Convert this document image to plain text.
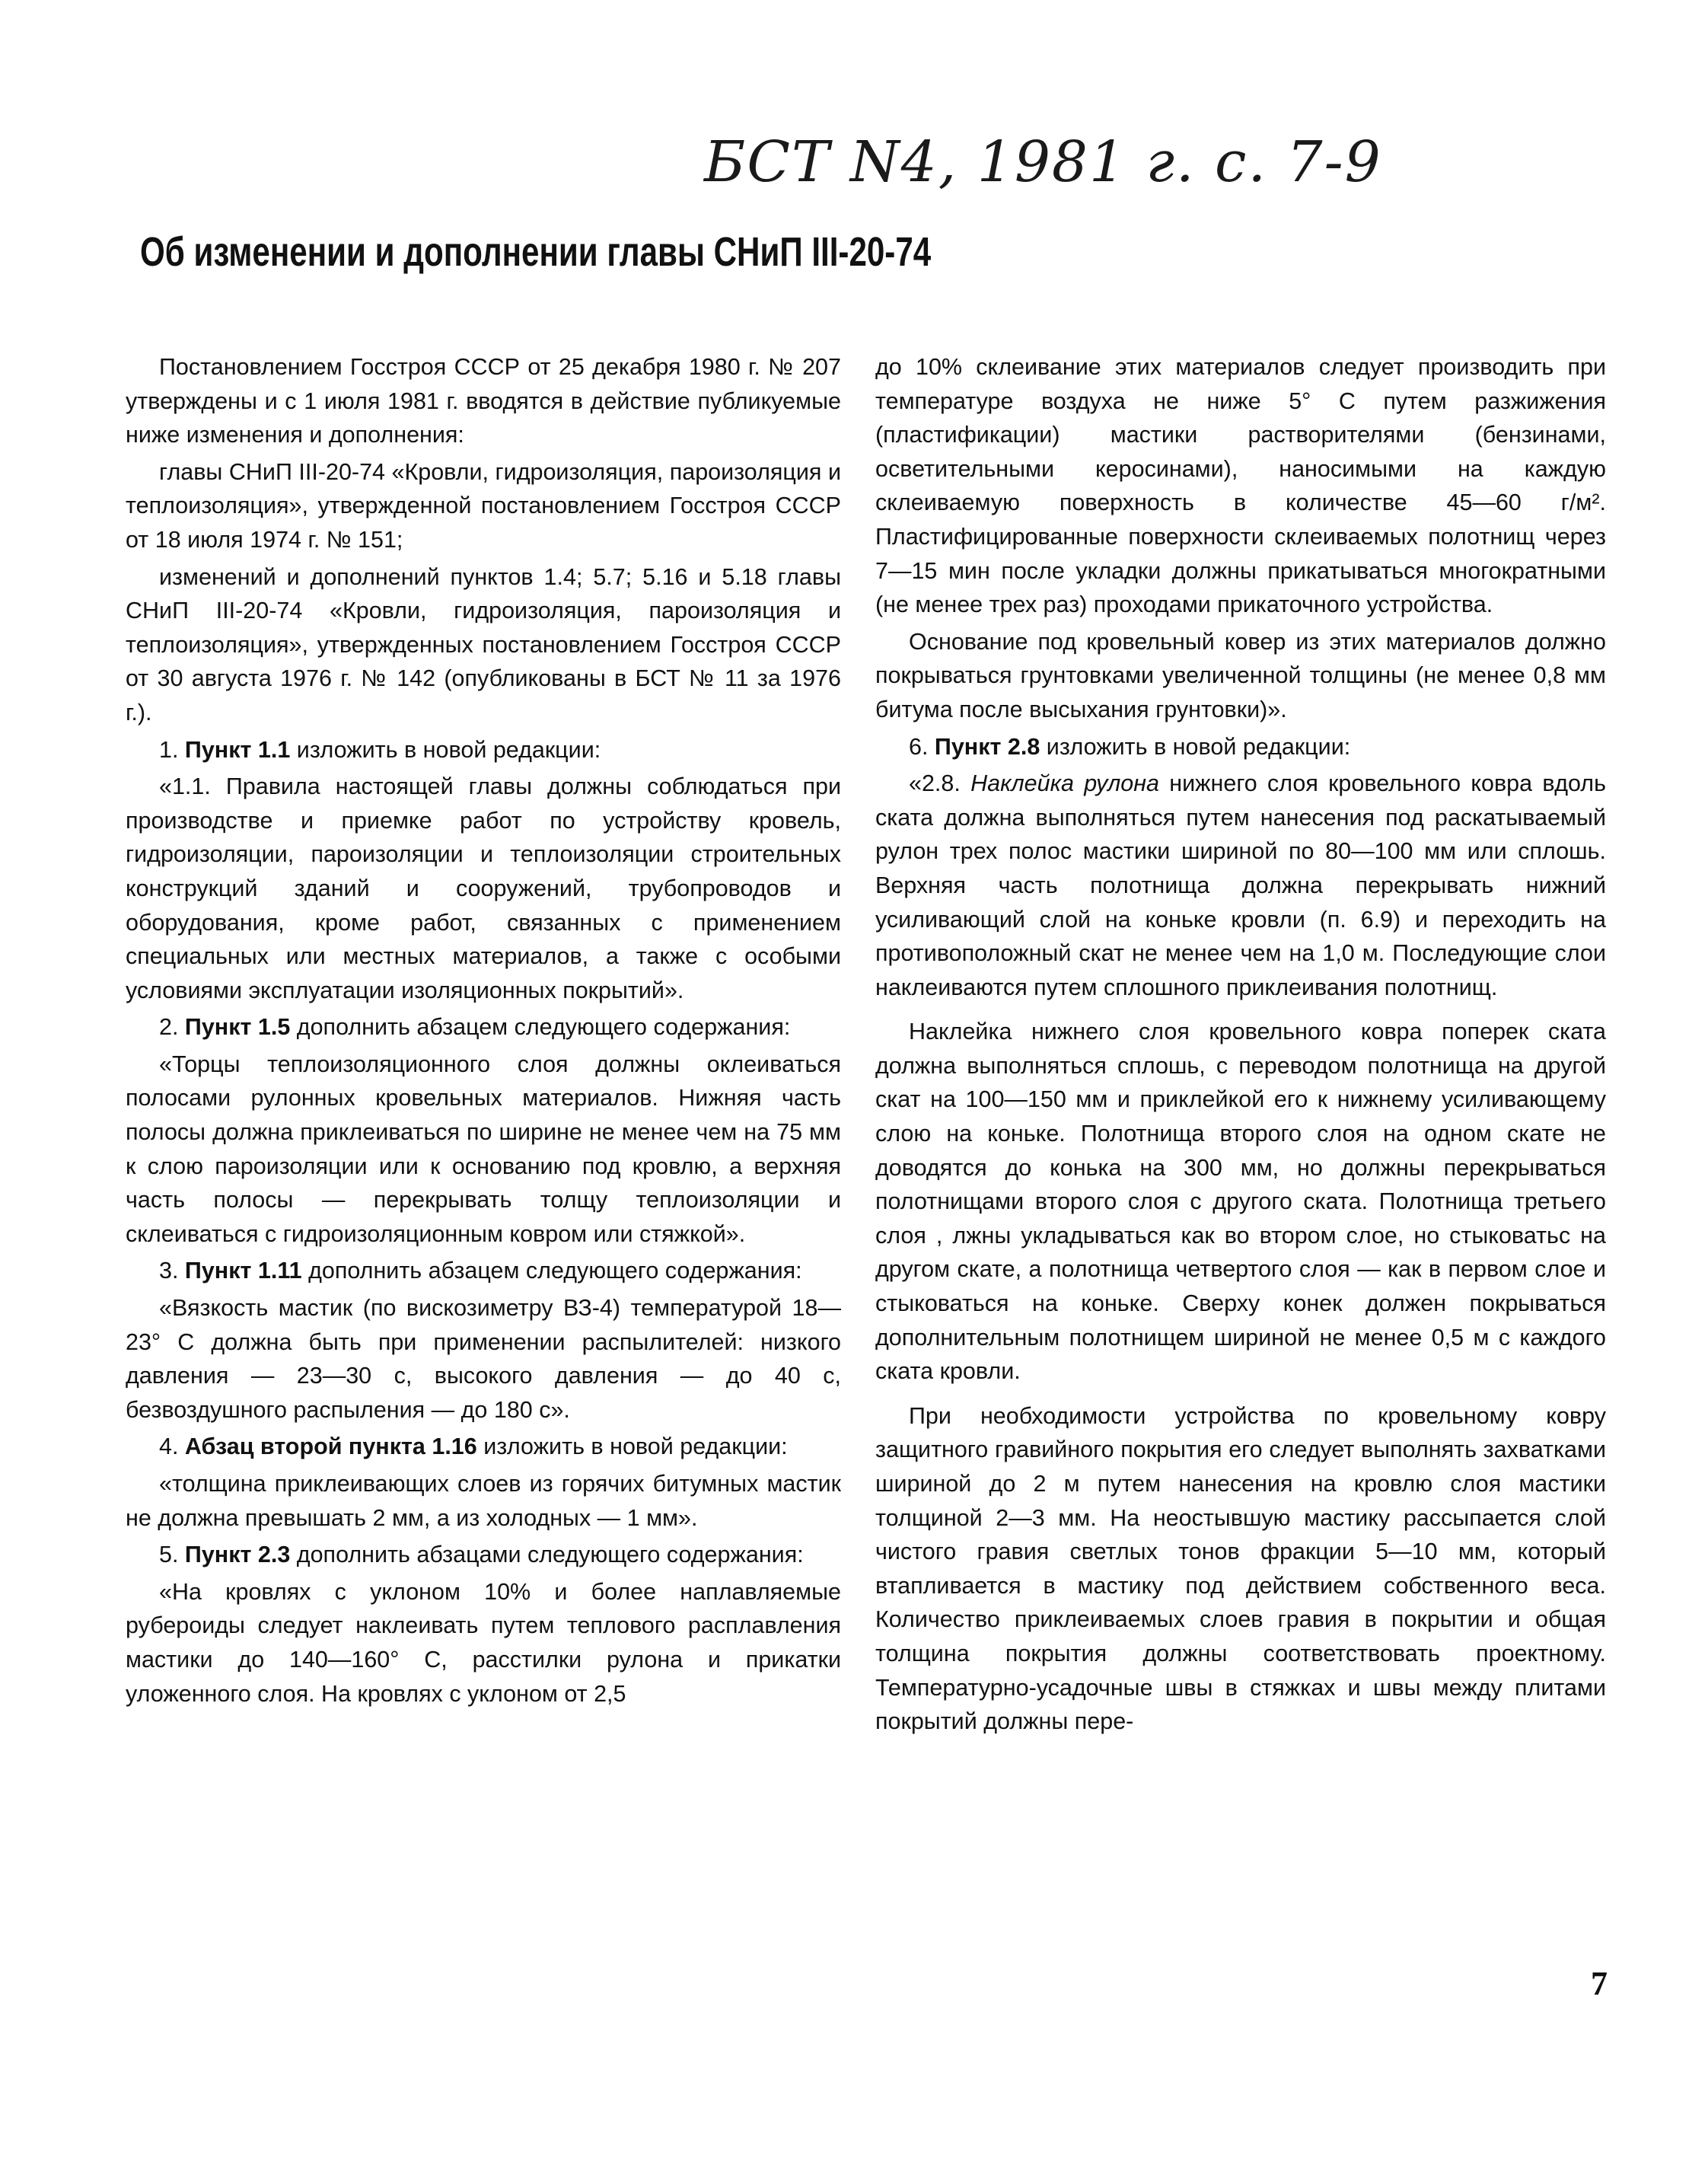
БСТ N4, 1981 г. с. 7-9
Об изменении и дополнении главы СНиП III-20-74

Постановлением Госстроя СССР от 25 декабря 1980 г. № 207 утверждены и с 1 июля 1981 г. вводятся в действие публикуемые ниже изменения и дополнения:

главы СНиП III-20-74 «Кровли, гидроизоляция, пароизоляция и теплоизоляция», утвержденной постановлением Госстроя СССР от 18 июля 1974 г. № 151;

изменений и дополнений пунктов 1.4; 5.7; 5.16 и 5.18 главы СНиП III-20-74 «Кровли, гидроизоляция, пароизоляция и теплоизоляция», утвержденных постановлением Госстроя СССР от 30 августа 1976 г. № 142 (опубликованы в БСТ № 11 за 1976 г.).

1. Пункт 1.1 изложить в новой редакции:

«1.1. Правила настоящей главы должны соблюдаться при производстве и приемке работ по устройству кровель, гидроизоляции, пароизоляции и теплоизоляции строительных конструкций зданий и сооружений, трубопроводов и оборудования, кроме работ, связанных с применением специальных или местных материалов, а также с особыми условиями эксплуатации изоляционных покрытий».

2. Пункт 1.5 дополнить абзацем следующего содержания:

«Торцы теплоизоляционного слоя должны оклеиваться полосами рулонных кровельных материалов. Нижняя часть полосы должна приклеиваться по ширине не менее чем на 75 мм к слою пароизоляции или к основанию под кровлю, а верхняя часть полосы — перекрывать толщу теплоизоляции и склеиваться с гидроизоляционным ковром или стяжкой».

3. Пункт 1.11 дополнить абзацем следующего содержания:

«Вязкость мастик (по вискозиметру ВЗ-4) температурой 18—23° С должна быть при применении распылителей: низкого давления — 23—30 с, высокого давления — до 40 с, безвоздушного распыления — до 180 с».

4. Абзац второй пункта 1.16 изложить в новой редакции:

«толщина приклеивающих слоев из горячих битумных мастик не должна превышать 2 мм, а из холодных — 1 мм».

5. Пункт 2.3 дополнить абзацами следующего содержания:

«На кровлях с уклоном 10% и более наплавляемые рубероиды следует наклеивать путем теплового расплавления мастики до 140—160° С, расстилки рулона и прикатки уложенного слоя. На кровлях с уклоном от 2,5

до 10% склеивание этих материалов следует производить при температуре воздуха не ниже 5° С путем разжижения (пластификации) мастики растворителями (бензинами, осветительными керосинами), наносимыми на каждую склеиваемую поверхность в количестве 45—60 г/м². Пластифицированные поверхности склеиваемых полотнищ через 7—15 мин после укладки должны прикатываться многократными (не менее трех раз) проходами прикаточного устройства.

Основание под кровельный ковер из этих материалов должно покрываться грунтовками увеличенной толщины (не менее 0,8 мм битума после высыхания грунтовки)».

6. Пункт 2.8 изложить в новой редакции:

«2.8. Наклейка рулона нижнего слоя кровельного ковра вдоль ската должна выполняться путем нанесения под раскатываемый рулон трех полос мастики шириной по 80—100 мм или сплошь. Верхняя часть полотнища должна перекрывать нижний усиливающий слой на коньке кровли (п. 6.9) и переходить на противоположный скат не менее чем на 1,0 м. Последующие слои наклеиваются путем сплошного приклеивания полотнищ.

Наклейка нижнего слоя кровельного ковра поперек ската должна выполняться сплошь, с переводом полотнища на другой скат на 100—150 мм и приклейкой его к нижнему усиливающему слою на коньке. Полотнища второго слоя на одном скате не доводятся до конька на 300 мм, но должны перекрываться полотнищами второго слоя с другого ската. Полотнища третьего слоя , лжны укладываться как во втором слое, но стыковатьс на другом скате, а полотнища четвертого слоя — как в первом слое и стыковаться на коньке. Сверху конек должен покрываться дополнительным полотнищем шириной не менее 0,5 м с каждого ската кровли.

При необходимости устройства по кровельному ковру защитного гравийного покрытия его следует выполнять захватками шириной до 2 м путем нанесения на кровлю слоя мастики толщиной 2—3 мм. На неостывшую мастику рассыпается слой чистого гравия светлых тонов фракции 5—10 мм, который втапливается в мастику под действием собственного веса. Количество приклеиваемых слоев гравия в покрытии и общая толщина покрытия должны соответствовать проектному. Температурно-усадочные швы в стяжках и швы между плитами покрытий должны пере-

7
